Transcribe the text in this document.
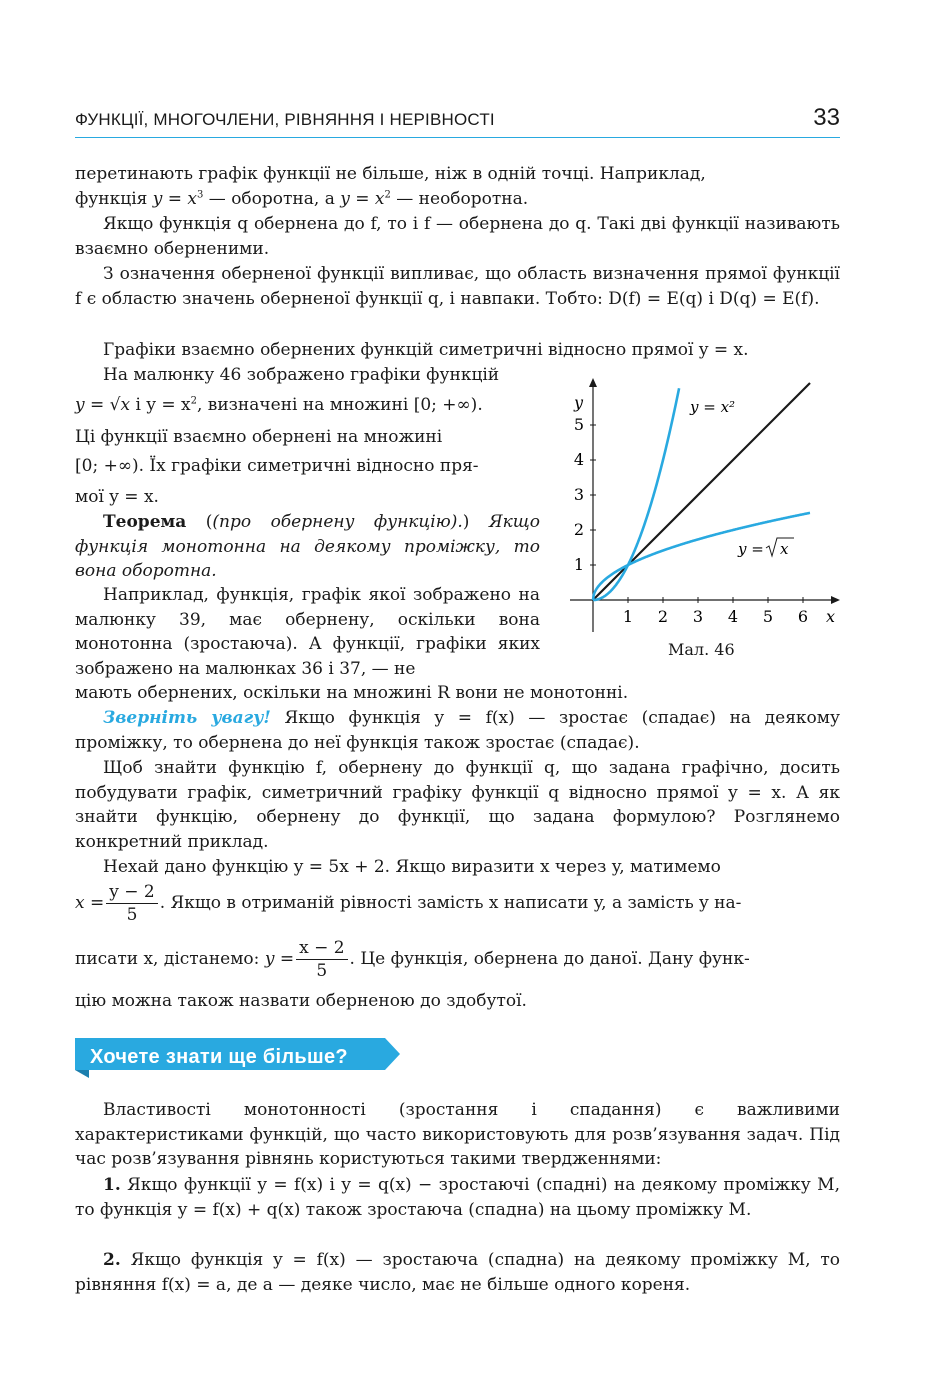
ФУНКЦІЇ, МНОГОЧЛЕНИ, РІВНЯННЯ І НЕРІВНОСТІ	33
перетинають графік функції не більше, ніж в одній точці. Наприклад,
функція $y = x^3$ — оборотна, а $y = x^2$ — необоротна.
Якщо функція q обернена до f, то і f — обернена до q. Такі дві функції називають взаємно оберненими.
З означення оберненої функції випливає, що область визначення прямої функції f є областю значень оберненої функції q, і навпаки. Тобто: D(f) = E(q) і D(q) = E(f).
Графіки взаємно обернених функцій симетричні відносно прямої y = x.
На малюнку 46 зображено графіки функцій
y = √x і $y = x^2$, визначені на множині [0; +∞).
Ці функції взаємно обернені на множині
[0; +∞). Їх графіки симетричні відносно пря-
мої y = x.
Теорема ((про обернену функцію).) Якщо функція монотонна на деякому проміжку, то вона оборотна.
Наприклад, функція, графік якої зображено на малюнку 39, має обернену, оскільки вона монотонна (зростаюча). А функції, графіки яких зображено на малюнках 36 і 37, — не
мають обернених, оскільки на множині R вони не монотонні.
Зверніть увагу! Якщо функція y = f(x) — зростає (спадає) на деякому проміжку, то обернена до неї функція також зростає (спадає).
Щоб знайти функцію f, обернену до функції q, що задана графічно, досить побудувати графік, симетричний графіку функції q відносно прямої y = x. А як знайти функцію, обернену до функції, що задана формулою? Розглянемо конкретний приклад.
Нехай дано функцію y = 5x + 2. Якщо виразити x через y, матимемо
$x = \frac{y - 2}{5}$ . Якщо в отриманій рівності замість x написати y, а замість y на-
писати x, дістанемо: $y = \frac{x - 2}{5}$ . Це функція, обернена до даної. Дану функ-
цію можна також назвати оберненою до здобутої.
Хочете знати ще більше?
Властивості монотонності (зростання і спадання) є важливими характеристиками функцій, що часто використовують для розв’язування задач. Під час розв’язування рівнянь користуються такими твердженнями:
1. Якщо функції y = f(x) і y = q(x) − зростаючі (спадні) на деякому проміжку M, то функція y = f(x) + q(x) також зростаюча (спадна) на цьому проміжку M.
2. Якщо функція y = f(x) — зростаюча (спадна) на деякому проміжку M, то рівняння f(x) = a, де a — деяке число, має не більше одного кореня.
1 2 3 4 5 6
1
2
3
4
5
x
y	y = x²
y = x
Мал. 46
